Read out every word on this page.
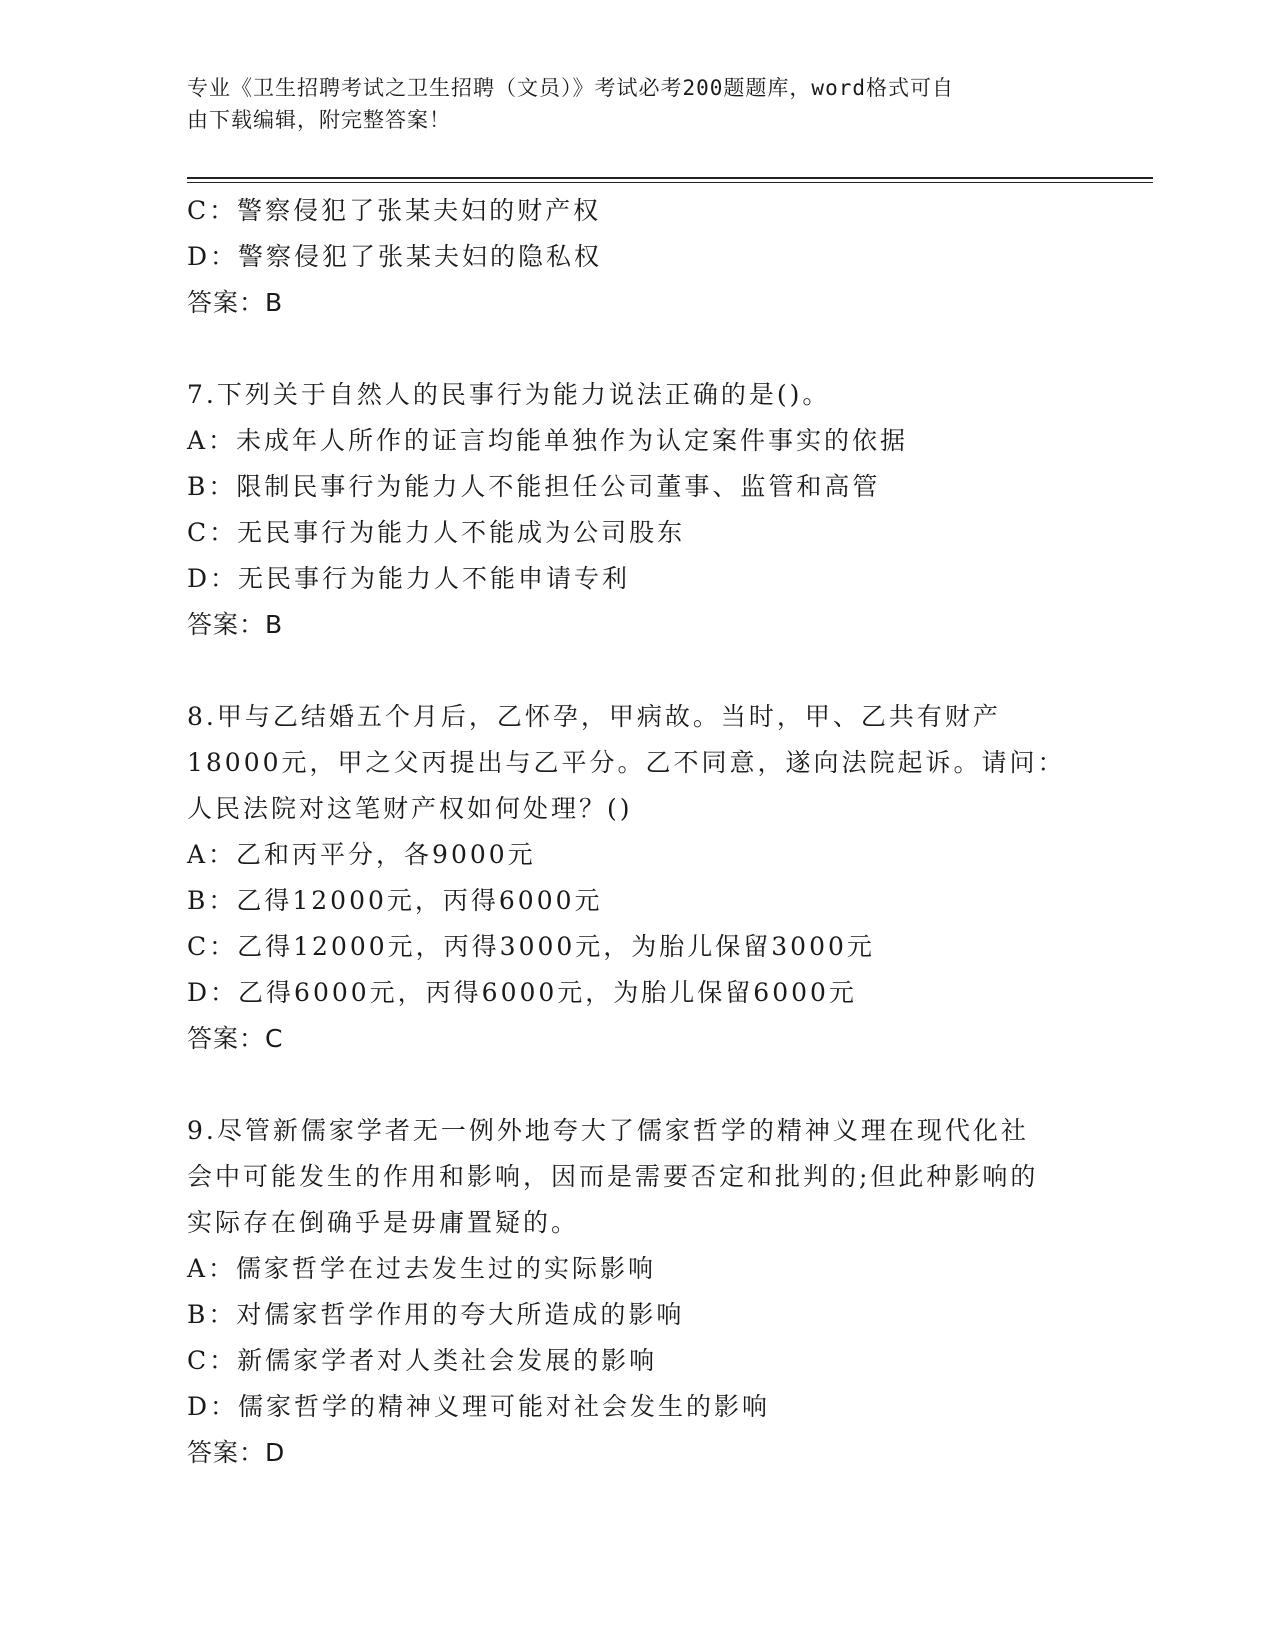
专业《卫生招聘考试之卫生招聘（文员）》考试必考200题题库，word格式可自
由下载编辑，附完整答案！
C：警察侵犯了张某夫妇的财产权
D：警察侵犯了张某夫妇的隐私权
答案：B
7.下列关于自然人的民事行为能力说法正确的是()。
A：未成年人所作的证言均能单独作为认定案件事实的依据
B：限制民事行为能力人不能担任公司董事、监管和高管
C：无民事行为能力人不能成为公司股东
D：无民事行为能力人不能申请专利
答案：B
8.甲与乙结婚五个月后，乙怀孕，甲病故。当时，甲、乙共有财产
18000元，甲之父丙提出与乙平分。乙不同意，遂向法院起诉。请问：
人民法院对这笔财产权如何处理？()
A：乙和丙平分，各9000元
B：乙得12000元，丙得6000元
C：乙得12000元，丙得3000元，为胎儿保留3000元
D：乙得6000元，丙得6000元，为胎儿保留6000元
答案：C
9.尽管新儒家学者无一例外地夸大了儒家哲学的精神义理在现代化社
会中可能发生的作用和影响，因而是需要否定和批判的;但此种影响的
实际存在倒确乎是毋庸置疑的。
A：儒家哲学在过去发生过的实际影响
B：对儒家哲学作用的夸大所造成的影响
C：新儒家学者对人类社会发展的影响
D：儒家哲学的精神义理可能对社会发生的影响
答案：D
